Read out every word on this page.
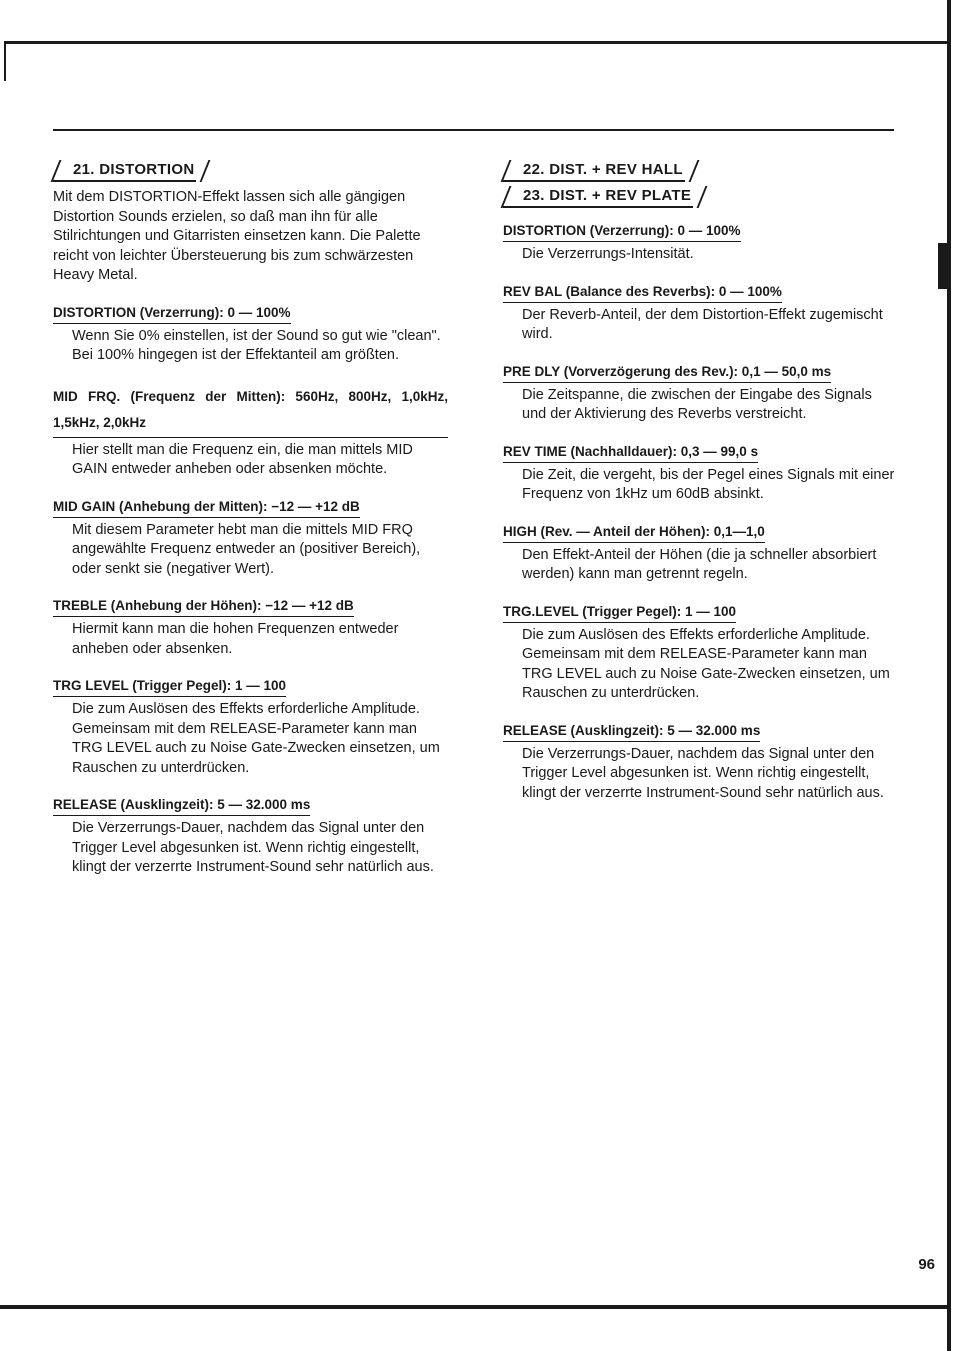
21. DISTORTION

Mit dem DISTORTION-Effekt lassen sich alle gängigen Distortion Sounds erzielen, so daß man ihn für alle Stilrichtungen und Gitarristen einsetzen kann. Die Palette reicht von leichter Übersteuerung bis zum schwärzesten Heavy Metal.

DISTORTION (Verzerrung): 0 — 100%

Wenn Sie 0% einstellen, ist der Sound so gut wie "clean". Bei 100% hingegen ist der Effektanteil am größten.

MID FRQ. (Frequenz der Mitten): 560Hz, 800Hz, 1,0kHz, 1,5kHz, 2,0kHz

Hier stellt man die Frequenz ein, die man mittels MID GAIN entweder anheben oder absenken möchte.

MID GAIN (Anhebung der Mitten): −12 — +12 dB

Mit diesem Parameter hebt man die mittels MID FRQ angewählte Frequenz entweder an (positiver Bereich), oder senkt sie (negativer Wert).

TREBLE (Anhebung der Höhen): −12 — +12 dB

Hiermit kann man die hohen Frequenzen entweder anheben oder absenken.

TRG LEVEL (Trigger Pegel): 1 — 100

Die zum Auslösen des Effekts erforderliche Amplitude. Gemeinsam mit dem RELEASE-Parameter kann man TRG LEVEL auch zu Noise Gate-Zwecken einsetzen, um Rauschen zu unterdrücken.

RELEASE (Ausklingzeit): 5 — 32.000 ms

Die Verzerrungs-Dauer, nachdem das Signal unter den Trigger Level abgesunken ist. Wenn richtig eingestellt, klingt der verzerrte Instrument-Sound sehr natürlich aus.

22. DIST. + REV HALL

23. DIST. + REV PLATE
DISTORTION (Verzerrung): 0 — 100%

Die Verzerrungs-Intensität.

REV BAL (Balance des Reverbs): 0 — 100%

Der Reverb-Anteil, der dem Distortion-Effekt zugemischt wird.

PRE DLY (Vorverzögerung des Rev.): 0,1 — 50,0 ms

Die Zeitspanne, die zwischen der Eingabe des Signals und der Aktivierung des Reverbs verstreicht.

REV TIME (Nachhalldauer): 0,3 — 99,0 s

Die Zeit, die vergeht, bis der Pegel eines Signals mit einer Frequenz von 1kHz um 60dB absinkt.

HIGH (Rev. — Anteil der Höhen): 0,1—1,0

Den Effekt-Anteil der Höhen (die ja schneller absorbiert werden) kann man getrennt regeln.

TRG.LEVEL (Trigger Pegel): 1 — 100

Die zum Auslösen des Effekts erforderliche Amplitude. Gemeinsam mit dem RELEASE-Parameter kann man TRG LEVEL auch zu Noise Gate-Zwecken einsetzen, um Rauschen zu unterdrücken.

RELEASE (Ausklingzeit): 5 — 32.000 ms

Die Verzerrungs-Dauer, nachdem das Signal unter den Trigger Level abgesunken ist. Wenn richtig eingestellt, klingt der verzerrte Instrument-Sound sehr natürlich aus.

96
